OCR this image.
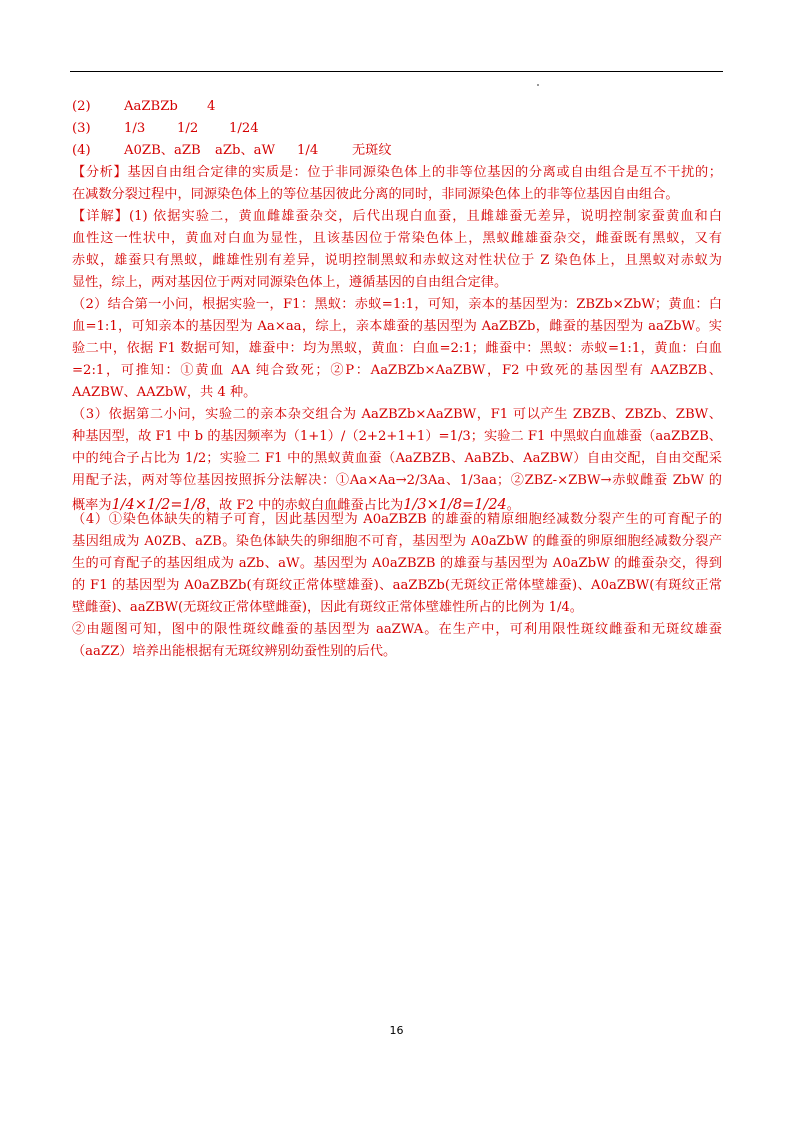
(2)	AaZBZb 4
(3)	1/3 1/2 1/24
(4)	A0ZB、aZB aZb、aW 1/4	无斑纹
【分析】基因自由组合定律的实质是：位于非同源染色体上的非等位基因的分离或自由组合是互不干扰的；
在减数分裂过程中，同源染色体上的等位基因彼此分离的同时，非同源染色体上的非等位基因自由组合。
【详解】(1) 依据实验二，黄血雌雄蚕杂交，后代出现白血蚕，且雌雄蚕无差异，说明控制家蚕黄血和白
血性这一性状中，黄血对白血为显性，且该基因位于常染色体上，黑蚁雌雄蚕杂交，雌蚕既有黑蚁，又有
赤蚁，雄蚕只有黑蚁，雌雄性别有差异，说明控制黑蚁和赤蚁这对性状位于 Z 染色体上，且黑蚁对赤蚁为
显性，综上，两对基因位于两对同源染色体上，遵循基因的自由组合定律。
（2）结合第一小问，根据实验一，F1：黑蚁：赤蚁=1:1，可知，亲本的基因型为：ZBZb×ZbW；黄血：白
血=1:1，可知亲本的基因型为 Aa×aa，综上，亲本雄蚕的基因型为 AaZBZb，雌蚕的基因型为 aaZbW。实
验二中，依据 F1 数据可知，雄蚕中：均为黑蚁，黄血：白血=2:1；雌蚕中：黑蚁：赤蚁=1:1，黄血：白血
=2:1，可推知：①黄血 AA 纯合致死；②P：AaZBZb×AaZBW，F2 中致死的基因型有 AAZBZB、
AAZBW、AAZbW，共 4 种。
（3）依据第二小问，实验二的亲本杂交组合为 AaZBZb×AaZBW，F1 可以产生 ZBZB、ZBZb、ZBW、
种基因型，故 F1 中 b 的基因频率为（1+1）/（2+2+1+1）=1/3；实验二 F1 中黑蚁白血雄蚕（aaZBZB、
中的纯合子占比为 1/2；实验二 F1 中的黑蚁黄血蚕（AaZBZB、AaBZb、AaZBW）自由交配，自由交配采
用配子法，两对等位基因按照拆分法解决：①Aa×Aa→2/3Aa、1/3aa；②ZBZ-×ZBW→赤蚁雌蚕 ZbW 的
概率为1/4×1/2=1/8，故 F2 中的赤蚁白血雌蚕占比为1/3×1/8=1/24。
（4）①染色体缺失的精子可育，因此基因型为 A0aZBZB 的雄蚕的精原细胞经减数分裂产生的可育配子的
基因组成为 A0ZB、aZB。染色体缺失的卵细胞不可育，基因型为 A0aZbW 的雌蚕的卵原细胞经减数分裂产
生的可育配子的基因组成为 aZb、aW。基因型为 A0aZBZB 的雄蚕与基因型为 A0aZbW 的雌蚕杂交，得到
的 F1 的基因型为 A0aZBZb(有斑纹正常体壁雄蚕)、aaZBZb(无斑纹正常体壁雄蚕)、A0aZBW(有斑纹正常
壁雌蚕)、aaZBW(无斑纹正常体壁雌蚕)，因此有斑纹正常体壁雄性所占的比例为 1/4。
②由题图可知，图中的限性斑纹雌蚕的基因型为 aaZWA。在生产中，可利用限性斑纹雌蚕和无斑纹雄蚕
（aaZZ）培养出能根据有无斑纹辨别幼蚕性别的后代。
16
